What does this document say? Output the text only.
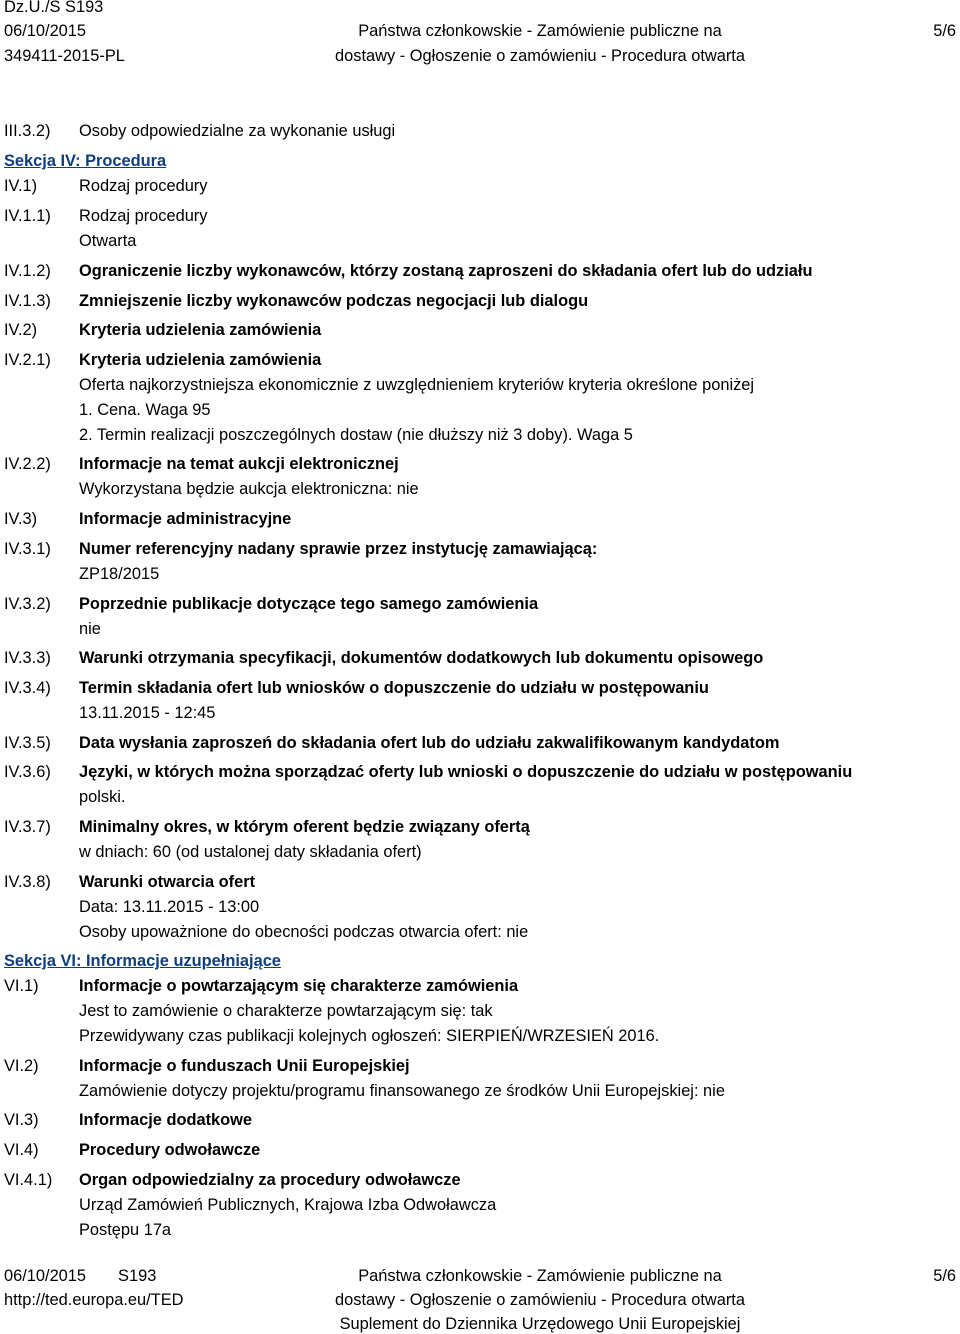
Dz.U./S S193
06/10/2015
349411-2015-PL
Państwa członkowskie - Zamówienie publiczne na
dostawy - Ogłoszenie o zamówieniu - Procedura otwarta
5/6
III.3.2) Osoby odpowiedzialne za wykonanie usługi
Sekcja IV: Procedura
IV.1)	Rodzaj procedury
IV.1.1) Rodzaj procedury
Otwarta
IV.1.2) Ograniczenie liczby wykonawców, którzy zostaną zaproszeni do składania ofert lub do udziału
IV.1.3) Zmniejszenie liczby wykonawców podczas negocjacji lub dialogu
IV.2)	Kryteria udzielenia zamówienia
IV.2.1) Kryteria udzielenia zamówienia
Oferta najkorzystniejsza ekonomicznie z uwzględnieniem kryteriów kryteria określone poniżej
1. Cena. Waga 95
2. Termin realizacji poszczególnych dostaw (nie dłuższy niż 3 doby). Waga 5
IV.2.2) Informacje na temat aukcji elektronicznej
Wykorzystana będzie aukcja elektroniczna: nie
IV.3)	Informacje administracyjne
IV.3.1) Numer referencyjny nadany sprawie przez instytucję zamawiającą:
ZP18/2015
IV.3.2) Poprzednie publikacje dotyczące tego samego zamówienia
nie
IV.3.3) Warunki otrzymania specyfikacji, dokumentów dodatkowych lub dokumentu opisowego
IV.3.4) Termin składania ofert lub wniosków o dopuszczenie do udziału w postępowaniu
13.11.2015 - 12:45
IV.3.5) Data wysłania zaproszeń do składania ofert lub do udziału zakwalifikowanym kandydatom
IV.3.6) Języki, w których można sporządzać oferty lub wnioski o dopuszczenie do udziału w postępowaniu
polski.
IV.3.7) Minimalny okres, w którym oferent będzie związany ofertą
w dniach: 60 (od ustalonej daty składania ofert)
IV.3.8) Warunki otwarcia ofert
Data: 13.11.2015 - 13:00
Osoby upoważnione do obecności podczas otwarcia ofert: nie
Sekcja VI: Informacje uzupełniające
VI.1) Informacje o powtarzającym się charakterze zamówienia
Jest to zamówienie o charakterze powtarzającym się: tak
Przewidywany czas publikacji kolejnych ogłoszeń: SIERPIEŃ/WRZESIEŃ 2016.
VI.2) Informacje o funduszach Unii Europejskiej
Zamówienie dotyczy projektu/programu finansowanego ze środków Unii Europejskiej: nie
VI.3) Informacje dodatkowe
VI.4) Procedury odwoławcze
VI.4.1) Organ odpowiedzialny za procedury odwoławcze
Urząd Zamówień Publicznych, Krajowa Izba Odwoławcza
Postępu 17a
06/10/2015 S193
http://ted.europa.eu/TED
Państwa członkowskie - Zamówienie publiczne na
dostawy - Ogłoszenie o zamówieniu - Procedura otwarta
Suplement do Dziennika Urzędowego Unii Europejskiej
5/6
